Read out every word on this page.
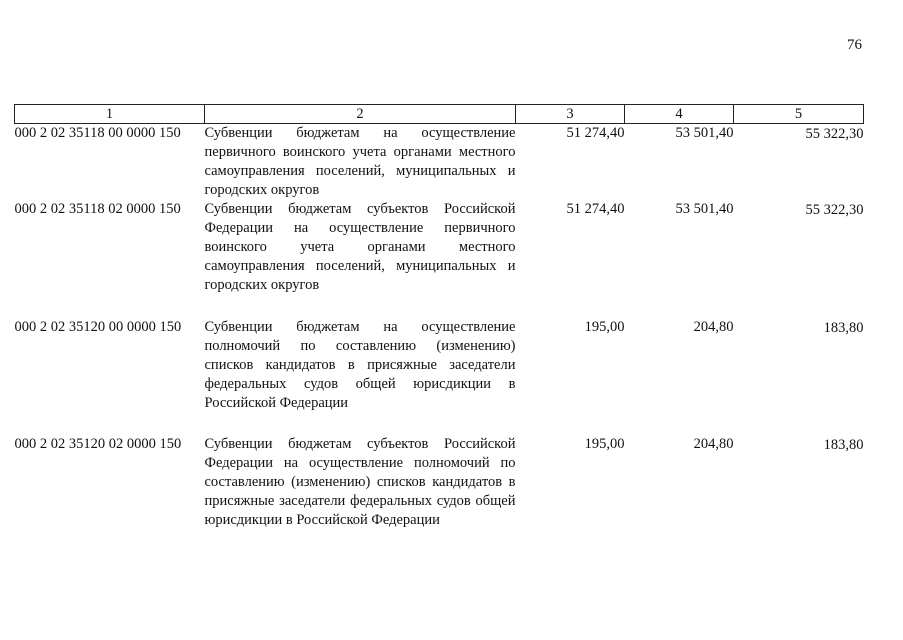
76
1	2	3	4	5
000 2 02 35118 00 0000 150	Субвенции бюджетам на осуществление первичного воинского учета органами местного самоуправления поселений, муниципальных и городских округов	51 274,40	53 501,40	55 322,30
000 2 02 35118 02 0000 150	Субвенции бюджетам субъектов Российской Федерации на осуществление первичного воинского учета органами местного самоуправления поселений, муниципальных и городских округов	51 274,40	53 501,40	55 322,30
000 2 02 35120 00 0000 150	Субвенции бюджетам на осуществление полномочий по составлению (изменению) списков кандидатов в присяжные заседатели федеральных судов общей юрисдикции в Российской Федерации	195,00	204,80	183,80
000 2 02 35120 02 0000 150	Субвенции бюджетам субъектов Российской Федерации на осуществление полномочий по составлению (изменению) списков кандидатов в присяжные заседатели федеральных судов общей юрисдикции в Российской Федерации	195,00	204,80	183,80
